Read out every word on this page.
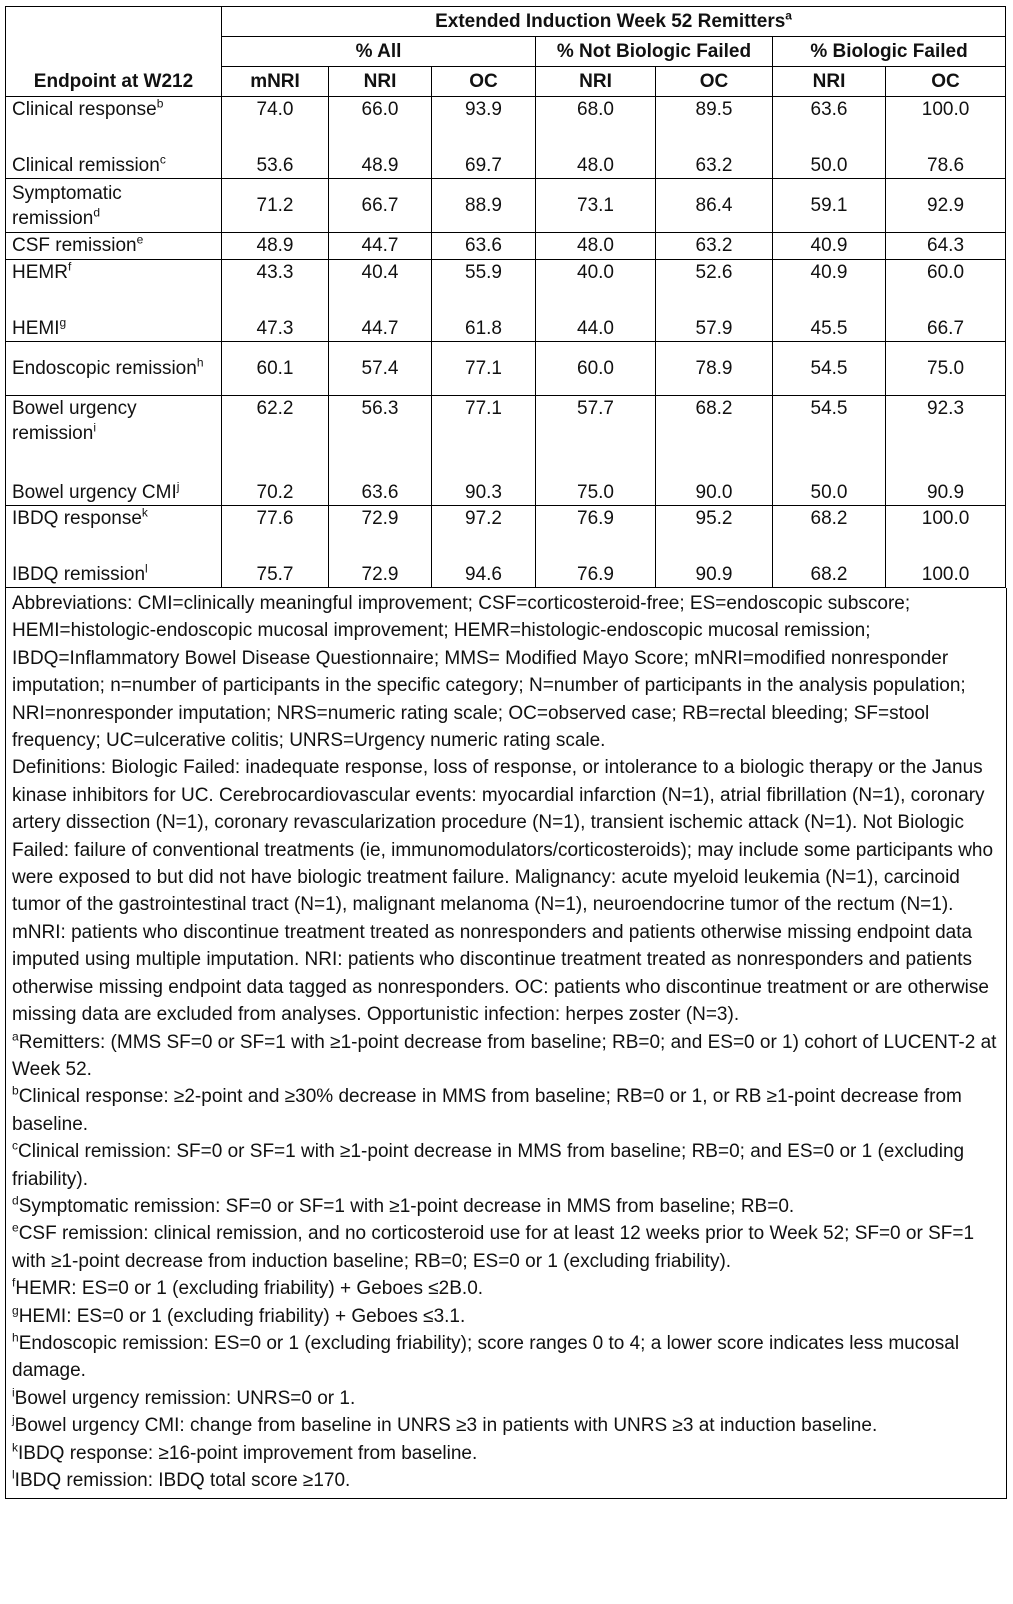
Endpoint at W212	Extended Induction Week 52 Remitters$^a$
	% All			% Not Biologic Failed		% Biologic Failed	
	mNRI	NRI	OC	NRI	OC	NRI	OC
Clinical response$^b$	74.0	66.0	93.9	68.0	89.5	63.6	100.0
Clinical remission$^c$	53.6	48.9	69.7	48.0	63.2	50.0	78.6
Symptomatic remission$^d$	71.2	66.7	88.9	73.1	86.4	59.1	92.9
CSF remission$^e$	48.9	44.7	63.6	48.0	63.2	40.9	64.3
HEMR$^f$	43.3	40.4	55.9	40.0	52.6	40.9	60.0
HEMI$^g$	47.3	44.7	61.8	44.0	57.9	45.5	66.7
Endoscopic remission$^h$	60.1	57.4	77.1	60.0	78.9	54.5	75.0
Bowel urgency remission$^i$	62.2	56.3	77.1	57.7	68.2	54.5	92.3
Bowel urgency CMI$^j$	70.2	63.6	90.3	75.0	90.0	50.0	90.9
IBDQ response$^k$	77.6	72.9	97.2	76.9	95.2	68.2	100.0
IBDQ remission$^l$	75.7	72.9	94.6	76.9	90.9	68.2	100.0

Abbreviations: CMI=clinically meaningful improvement; CSF=corticosteroid-free; ES=endoscopic subscore; HEMI=histologic-endoscopic mucosal improvement; HEMR=histologic-endoscopic mucosal remission; IBDQ=Inflammatory Bowel Disease Questionnaire; MMS= Modified Mayo Score; mNRI=modified nonresponder imputation; n=number of participants in the specific category; N=number of participants in the analysis population; NRI=nonresponder imputation; NRS=numeric rating scale; OC=observed case; RB=rectal bleeding; SF=stool frequency; UC=ulcerative colitis; UNRS=Urgency numeric rating scale.

Definitions: Biologic Failed: inadequate response, loss of response, or intolerance to a biologic therapy or the Janus kinase inhibitors for UC. Cerebrocardiovascular events: myocardial infarction (N=1), atrial fibrillation (N=1), coronary artery dissection (N=1), coronary revascularization procedure (N=1), transient ischemic attack (N=1). Not Biologic Failed: failure of conventional treatments (ie, immunomodulators/corticosteroids); may include some participants who were exposed to but did not have biologic treatment failure. Malignancy: acute myeloid leukemia (N=1), carcinoid tumor of the gastrointestinal tract (N=1), malignant melanoma (N=1), neuroendocrine tumor of the rectum (N=1). mNRI: patients who discontinue treatment treated as nonresponders and patients otherwise missing endpoint data imputed using multiple imputation. NRI: patients who discontinue treatment treated as nonresponders and patients otherwise missing endpoint data tagged as nonresponders. OC: patients who discontinue treatment or are otherwise missing data are excluded from analyses. Opportunistic infection: herpes zoster (N=3).

$^a$Remitters: (MMS SF=0 or SF=1 with ≥1-point decrease from baseline; RB=0; and ES=0 or 1) cohort of LUCENT-2 at Week 52.

$^b$Clinical response: ≥2-point and ≥30% decrease in MMS from baseline; RB=0 or 1, or RB ≥1-point decrease from baseline.

$^c$Clinical remission: SF=0 or SF=1 with ≥1-point decrease in MMS from baseline; RB=0; and ES=0 or 1 (excluding friability).

$^d$Symptomatic remission: SF=0 or SF=1 with ≥1-point decrease in MMS from baseline; RB=0.

$^e$CSF remission: clinical remission, and no corticosteroid use for at least 12 weeks prior to Week 52; SF=0 or SF=1 with ≥1-point decrease from induction baseline; RB=0; ES=0 or 1 (excluding friability).

$^f$HEMR: ES=0 or 1 (excluding friability) + Geboes ≤2B.0.

$^g$HEMI: ES=0 or 1 (excluding friability) + Geboes ≤3.1.

$^h$Endoscopic remission: ES=0 or 1 (excluding friability); score ranges 0 to 4; a lower score indicates less mucosal damage.

$^i$Bowel urgency remission: UNRS=0 or 1.

$^j$Bowel urgency CMI: change from baseline in UNRS ≥3 in patients with UNRS ≥3 at induction baseline.

$^k$IBDQ response: ≥16-point improvement from baseline.

$^l$IBDQ remission: IBDQ total score ≥170.
